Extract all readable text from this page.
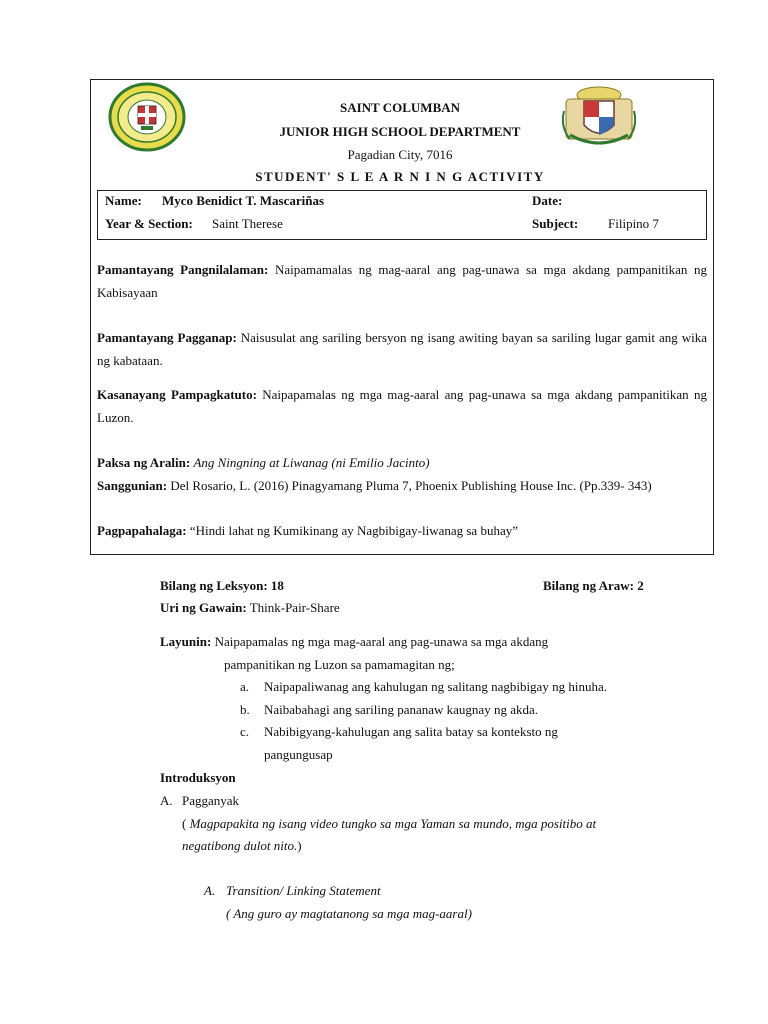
SAINT COLUMBAN
JUNIOR HIGH SCHOOL DEPARTMENT
Pagadian City, 7016
STUDENT' S L E A R N I N G ACTIVITY
Name: Myco Benidict T. Mascariñas	Date:
Year & Section: Saint Therese	Subject: Filipino 7
Pamantayang Pangnilalaman: Naipamamalas ng mag-aaral ang pag-unawa sa mga akdang pampanitikan ng Kabisayaan
Pamantayang Pagganap: Naisusulat ang sariling bersyon ng isang awiting bayan sa sariling lugar gamit ang wika ng kabataan.
Kasanayang Pampagkatuto: Naipapamalas ng mga mag-aaral ang pag-unawa sa mga akdang pampanitikan ng Luzon.
Paksa ng Aralin: Ang Ningning at Liwanag (ni Emilio Jacinto)
Sanggunian: Del Rosario, L. (2016) Pinagyamang Pluma 7, Phoenix Publishing House Inc. (Pp.339- 343)
Pagpapahalaga: “Hindi lahat ng Kumikinang ay Nagbibigay-liwanag sa buhay”
Bilang ng Leksyon: 18	Bilang ng Araw: 2
Uri ng Gawain: Think-Pair-Share
Layunin: Naipapamalas ng mga mag-aaral ang pag-unawa sa mga akdang
pampanitikan ng Luzon sa pamamagitan ng;
a. Naipapaliwanag ang kahulugan ng salitang nagbibigay ng hinuha.
b. Naibabahagi ang sariling pananaw kaugnay ng akda.
c. Nabibigyang-kahulugan ang salita batay sa konteksto ng
pangungusap
Introduksyon
A. Pagganyak
( Magpapakita ng isang video tungko sa mga Yaman sa mundo, mga positibo at
negatibong dulot nito.)
A. Transition/ Linking Statement
( Ang guro ay magtatanong sa mga mag-aaral)
